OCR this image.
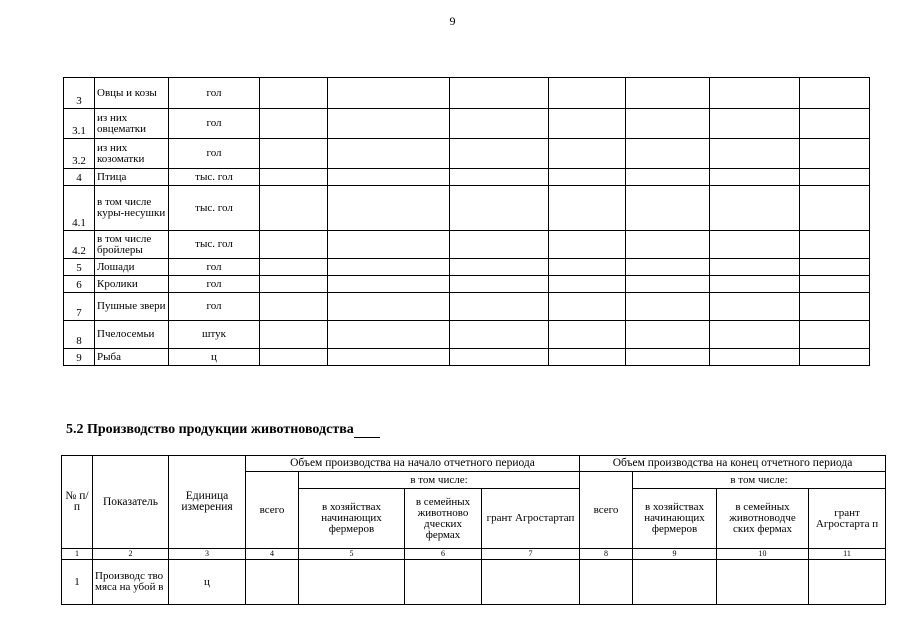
9
3	Овцы и козы	гол							
3.1	из них овцематки	гол							
3.2	из них козоматки	гол							
4	Птица	тыс. гол							
4.1	в том числе куры-несушки	тыс. гол							
4.2	в том числе бройлеры	тыс. гол							
5	Лошади	гол							
6	Кролики	гол							
7	Пушные звери	гол							
8	Пчелосемьи	штук							
9	Рыба	ц							
5.2 Производство продукции животноводства
№ п/п	Показатель	Единица измерения	Объем производства на начало отчетного периода				Объем производства на конец отчетного периода			
			всего	в том числе:			всего	в том числе:		
				в хозяйствах начинающих фермеров	в семейных животново дческих фермах	грант Агростартап		в хозяйствах начинающих фермеров	в семейных животноводче ских фермах	грант Агростарта п
1	2	3	4	5	6	7	8	9	10	11
1	Производс тво мяса на убой в	ц								
